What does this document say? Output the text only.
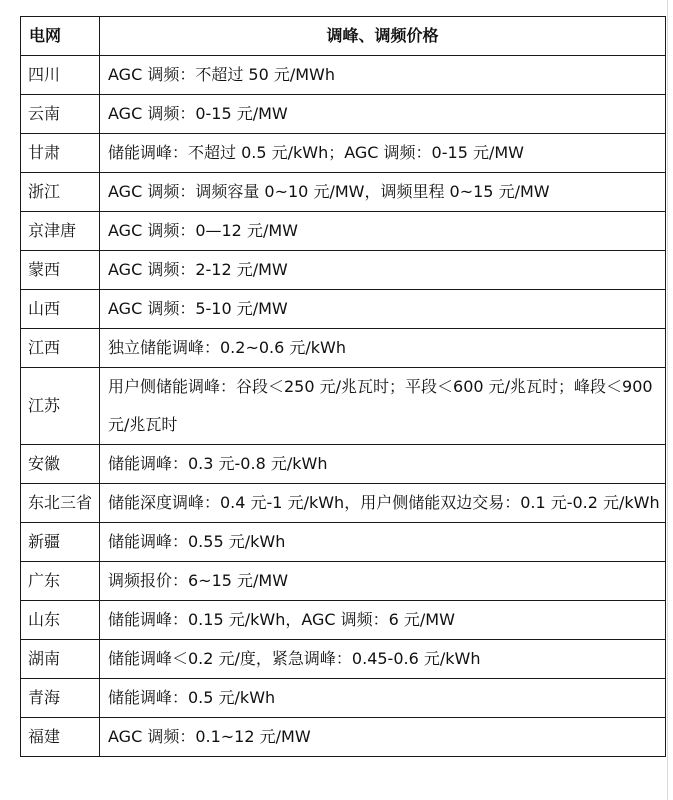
电网	调峰、调频价格
四川	AGC 调频：不超过 50 元/MWh
云南	AGC 调频：0-15 元/MW
甘肃	储能调峰：不超过 0.5 元/kWh；AGC 调频：0-15 元/MW
浙江	AGC 调频：调频容量 0~10 元/MW，调频里程 0~15 元/MW
京津唐	AGC 调频：0—12 元/MW
蒙西	AGC 调频：2-12 元/MW
山西	AGC 调频：5-10 元/MW
江西	独立储能调峰：0.2~0.6 元/kWh
江苏	用户侧储能调峰：谷段＜250 元/兆瓦时；平段＜600 元/兆瓦时；峰段＜900 元/兆瓦时
安徽	储能调峰：0.3 元-0.8 元/kWh
东北三省	储能深度调峰：0.4 元-1 元/kWh，用户侧储能双边交易：0.1 元-0.2 元/kWh
新疆	储能调峰：0.55 元/kWh
广东	调频报价：6~15 元/MW
山东	储能调峰：0.15 元/kWh，AGC 调频：6 元/MW
湖南	储能调峰＜0.2 元/度，紧急调峰：0.45-0.6 元/kWh
青海	储能调峰：0.5 元/kWh
福建	AGC 调频：0.1~12 元/MW
